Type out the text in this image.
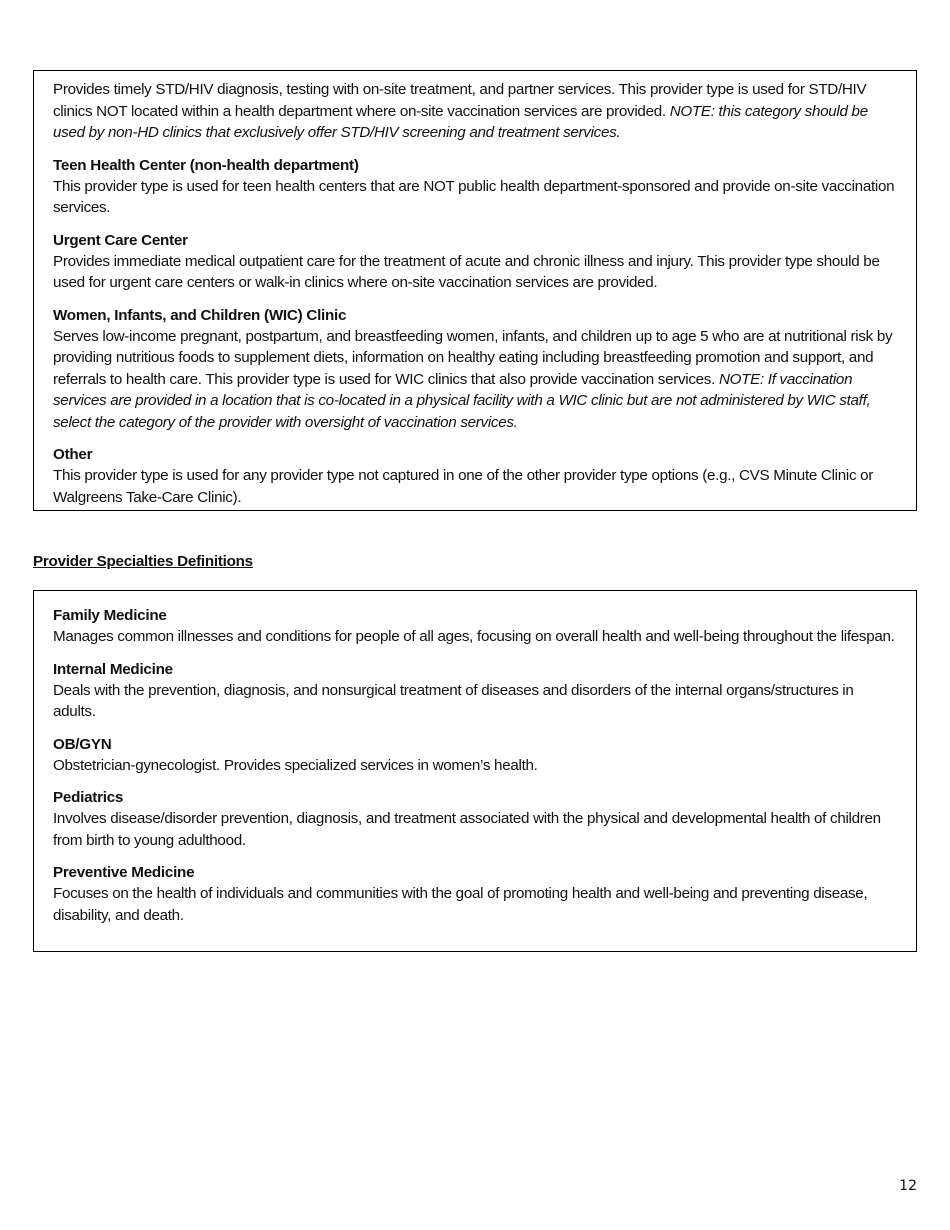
Provides timely STD/HIV diagnosis, testing with on-site treatment, and partner services. This provider type is used for STD/HIV clinics NOT located within a health department where on-site vaccination services are provided. NOTE: this category should be used by non-HD clinics that exclusively offer STD/HIV screening and treatment services.
Teen Health Center (non-health department)
This provider type is used for teen health centers that are NOT public health department-sponsored and provide on-site vaccination services.
Urgent Care Center
Provides immediate medical outpatient care for the treatment of acute and chronic illness and injury. This provider type should be used for urgent care centers or walk-in clinics where on-site vaccination services are provided.
Women, Infants, and Children (WIC) Clinic
Serves low-income pregnant, postpartum, and breastfeeding women, infants, and children up to age 5 who are at nutritional risk by providing nutritious foods to supplement diets, information on healthy eating including breastfeeding promotion and support, and referrals to health care. This provider type is used for WIC clinics that also provide vaccination services. NOTE: If vaccination services are provided in a location that is co-located in a physical facility with a WIC clinic but are not administered by WIC staff, select the category of the provider with oversight of vaccination services.
Other
This provider type is used for any provider type not captured in one of the other provider type options (e.g., CVS Minute Clinic or Walgreens Take-Care Clinic).
Provider Specialties Definitions
Family Medicine
Manages common illnesses and conditions for people of all ages, focusing on overall health and well-being throughout the lifespan.
Internal Medicine
Deals with the prevention, diagnosis, and nonsurgical treatment of diseases and disorders of the internal organs/structures in adults.
OB/GYN
Obstetrician-gynecologist. Provides specialized services in women’s health.
Pediatrics
Involves disease/disorder prevention, diagnosis, and treatment associated with the physical and developmental health of children from birth to young adulthood.
Preventive Medicine
Focuses on the health of individuals and communities with the goal of promoting health and well-being and preventing disease, disability, and death.
12
